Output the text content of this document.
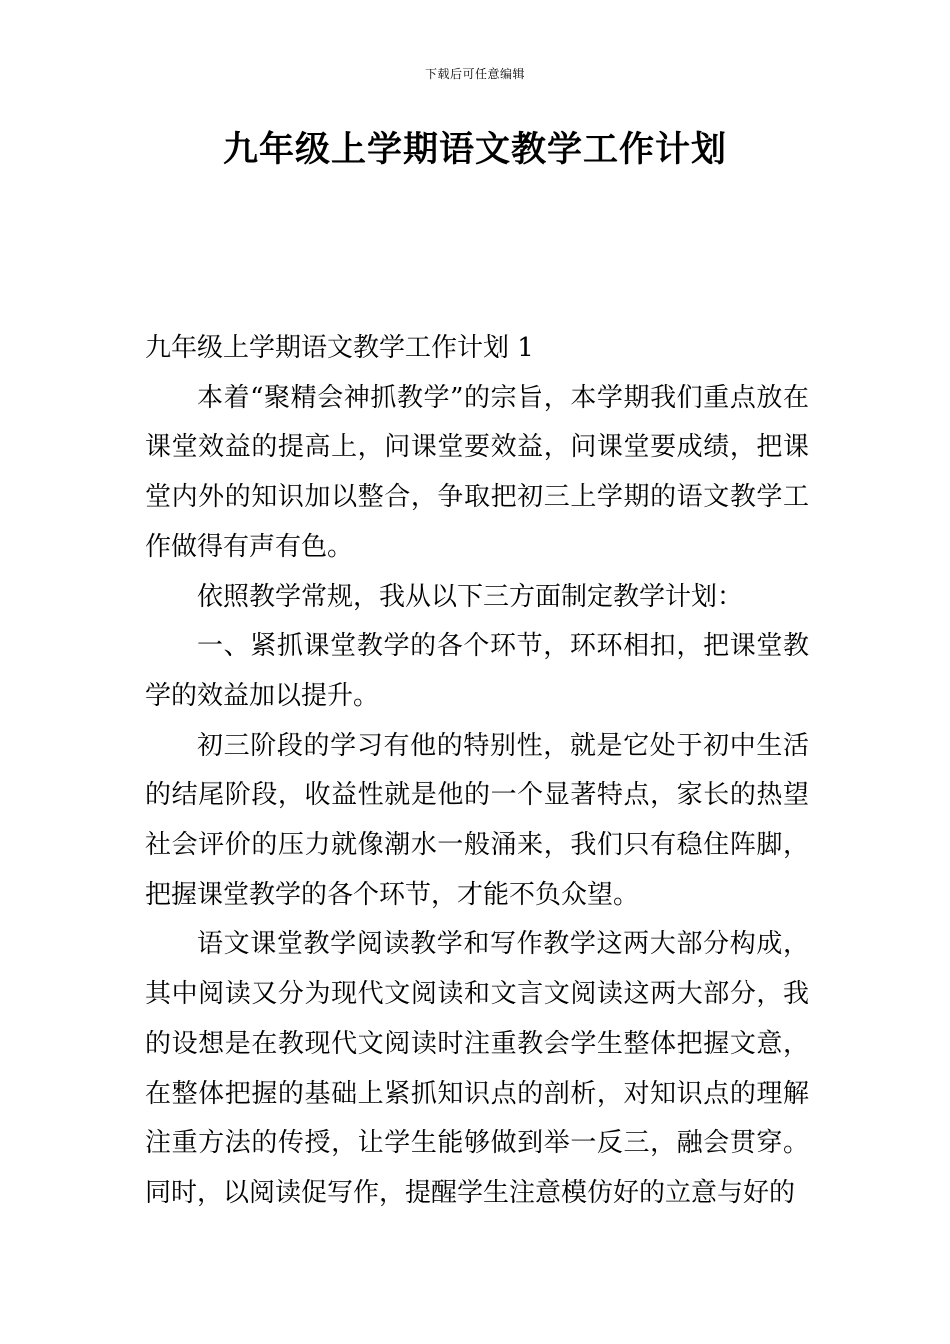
下载后可任意编辑
九年级上学期语文教学工作计划

九年级上学期语文教学工作计划 1

本着“聚精会神抓教学”的宗旨，本学期我们重点放在课堂效益的提高上，问课堂要效益，问课堂要成绩，把课堂内外的知识加以整合，争取把初三上学期的语文教学工作做得有声有色。

依照教学常规，我从以下三方面制定教学计划：

一、紧抓课堂教学的各个环节，环环相扣，把课堂教学的效益加以提升。

初三阶段的学习有他的特别性，就是它处于初中生活的结尾阶段，收益性就是他的一个显著特点，家长的热望社会评价的压力就像潮水一般涌来，我们只有稳住阵脚，把握课堂教学的各个环节，才能不负众望。

语文课堂教学阅读教学和写作教学这两大部分构成，其中阅读又分为现代文阅读和文言文阅读这两大部分，我的设想是在教现代文阅读时注重教会学生整体把握文意，在整体把握的基础上紧抓知识点的剖析，对知识点的理解注重方法的传授，让学生能够做到举一反三，融会贯穿。同时，以阅读促写作，提醒学生注意模仿好的立意与好的
